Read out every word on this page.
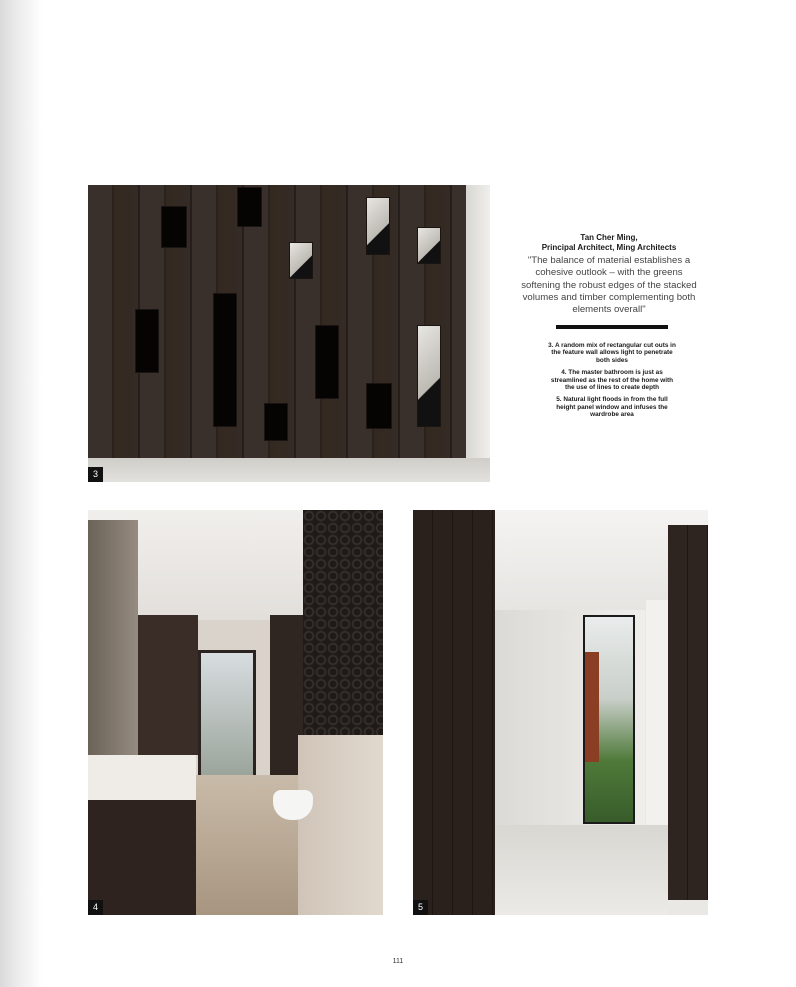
3
Tan Cher Ming,
Principal Architect, Ming Architects
"The balance of material establishes a cohesive outlook – with the greens softening the robust edges of the stacked volumes and timber complementing both elements overall"
3. A random mix of rectangular cut outs in the feature wall allows light to penetrate both sides
4. The master bathroom is just as streamlined as the rest of the home with the use of lines to create depth
5. Natural light floods in from the full height panel window and infuses the wardrobe area
4	5
111
